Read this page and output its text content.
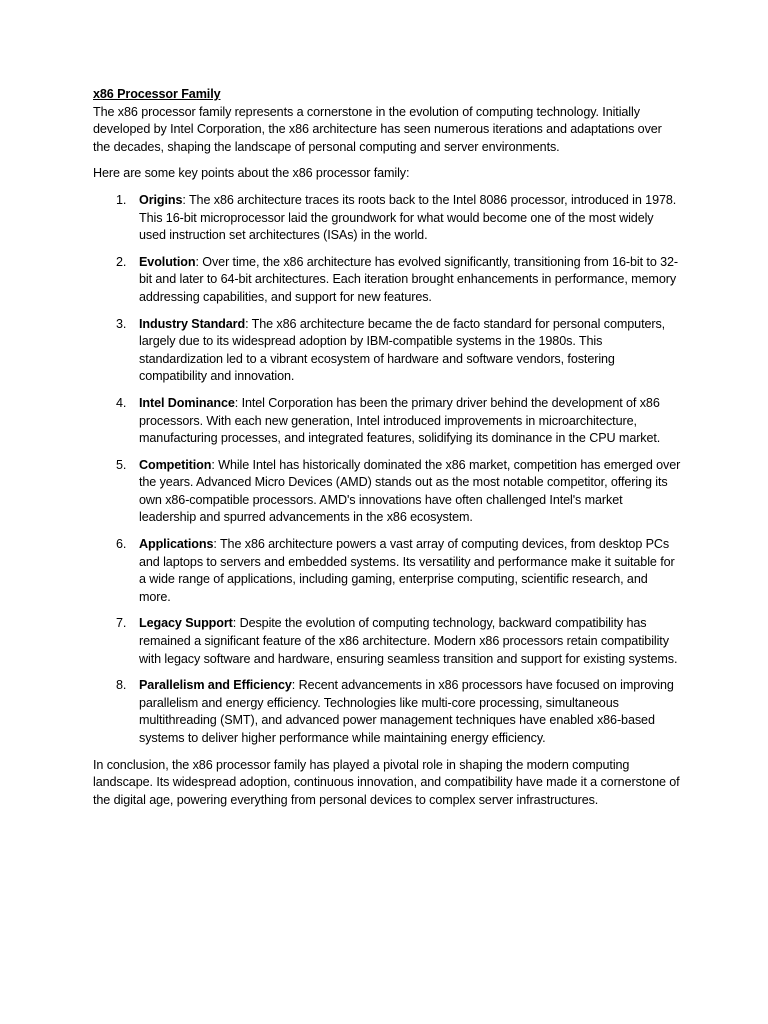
x86 Processor Family

The x86 processor family represents a cornerstone in the evolution of computing technology. Initially developed by Intel Corporation, the x86 architecture has seen numerous iterations and adaptations over the decades, shaping the landscape of personal computing and server environments.

Here are some key points about the x86 processor family:

1. Origins: The x86 architecture traces its roots back to the Intel 8086 processor, introduced in 1978. This 16-bit microprocessor laid the groundwork for what would become one of the most widely used instruction set architectures (ISAs) in the world.
2. Evolution: Over time, the x86 architecture has evolved significantly, transitioning from 16-bit to 32-bit and later to 64-bit architectures. Each iteration brought enhancements in performance, memory addressing capabilities, and support for new features.
3. Industry Standard: The x86 architecture became the de facto standard for personal computers, largely due to its widespread adoption by IBM-compatible systems in the 1980s. This standardization led to a vibrant ecosystem of hardware and software vendors, fostering compatibility and innovation.
4. Intel Dominance: Intel Corporation has been the primary driver behind the development of x86 processors. With each new generation, Intel introduced improvements in microarchitecture, manufacturing processes, and integrated features, solidifying its dominance in the CPU market.
5. Competition: While Intel has historically dominated the x86 market, competition has emerged over the years. Advanced Micro Devices (AMD) stands out as the most notable competitor, offering its own x86-compatible processors. AMD's innovations have often challenged Intel's market leadership and spurred advancements in the x86 ecosystem.
6. Applications: The x86 architecture powers a vast array of computing devices, from desktop PCs and laptops to servers and embedded systems. Its versatility and performance make it suitable for a wide range of applications, including gaming, enterprise computing, scientific research, and more.
7. Legacy Support: Despite the evolution of computing technology, backward compatibility has remained a significant feature of the x86 architecture. Modern x86 processors retain compatibility with legacy software and hardware, ensuring seamless transition and support for existing systems.
8. Parallelism and Efficiency: Recent advancements in x86 processors have focused on improving parallelism and energy efficiency. Technologies like multi-core processing, simultaneous multithreading (SMT), and advanced power management techniques have enabled x86-based systems to deliver higher performance while maintaining energy efficiency.

In conclusion, the x86 processor family has played a pivotal role in shaping the modern computing landscape. Its widespread adoption, continuous innovation, and compatibility have made it a cornerstone of the digital age, powering everything from personal devices to complex server infrastructures.
